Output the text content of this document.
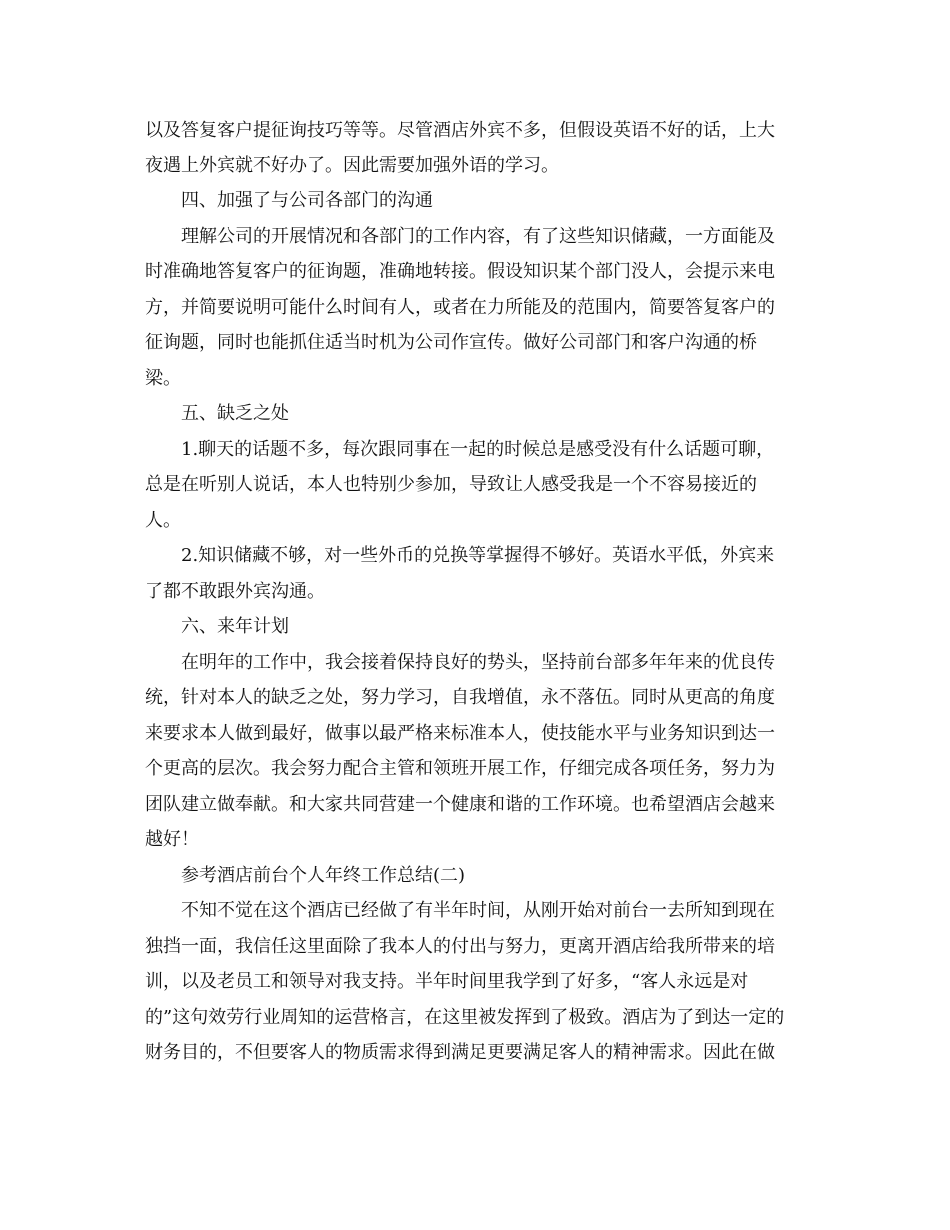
以及答复客户提征询技巧等等。尽管酒店外宾不多，但假设英语不好的话，上大
夜遇上外宾就不好办了。因此需要加强外语的学习。
四、加强了与公司各部门的沟通
理解公司的开展情况和各部门的工作内容，有了这些知识储藏，一方面能及
时准确地答复客户的征询题，准确地转接。假设知识某个部门没人，会提示来电
方，并简要说明可能什么时间有人，或者在力所能及的范围内，简要答复客户的
征询题，同时也能抓住适当时机为公司作宣传。做好公司部门和客户沟通的桥
梁。
五、缺乏之处
1.聊天的话题不多，每次跟同事在一起的时候总是感受没有什么话题可聊，
总是在听别人说话，本人也特别少参加，导致让人感受我是一个不容易接近的
人。
2.知识储藏不够，对一些外币的兑换等掌握得不够好。英语水平低，外宾来
了都不敢跟外宾沟通。
六、来年计划
在明年的工作中，我会接着保持良好的势头，坚持前台部多年年来的优良传
统，针对本人的缺乏之处，努力学习，自我增值，永不落伍。同时从更高的角度
来要求本人做到最好，做事以最严格来标准本人，使技能水平与业务知识到达一
个更高的层次。我会努力配合主管和领班开展工作，仔细完成各项任务，努力为
团队建立做奉献。和大家共同营建一个健康和谐的工作环境。也希望酒店会越来
越好！
参考酒店前台个人年终工作总结(二)
不知不觉在这个酒店已经做了有半年时间，从刚开始对前台一去所知到现在
独挡一面，我信任这里面除了我本人的付出与努力，更离开酒店给我所带来的培
训，以及老员工和领导对我支持。半年时间里我学到了好多，“客人永远是对
的”这句效劳行业周知的运营格言，在这里被发挥到了极致。酒店为了到达一定的
财务目的，不但要客人的物质需求得到满足更要满足客人的精神需求。因此在做
